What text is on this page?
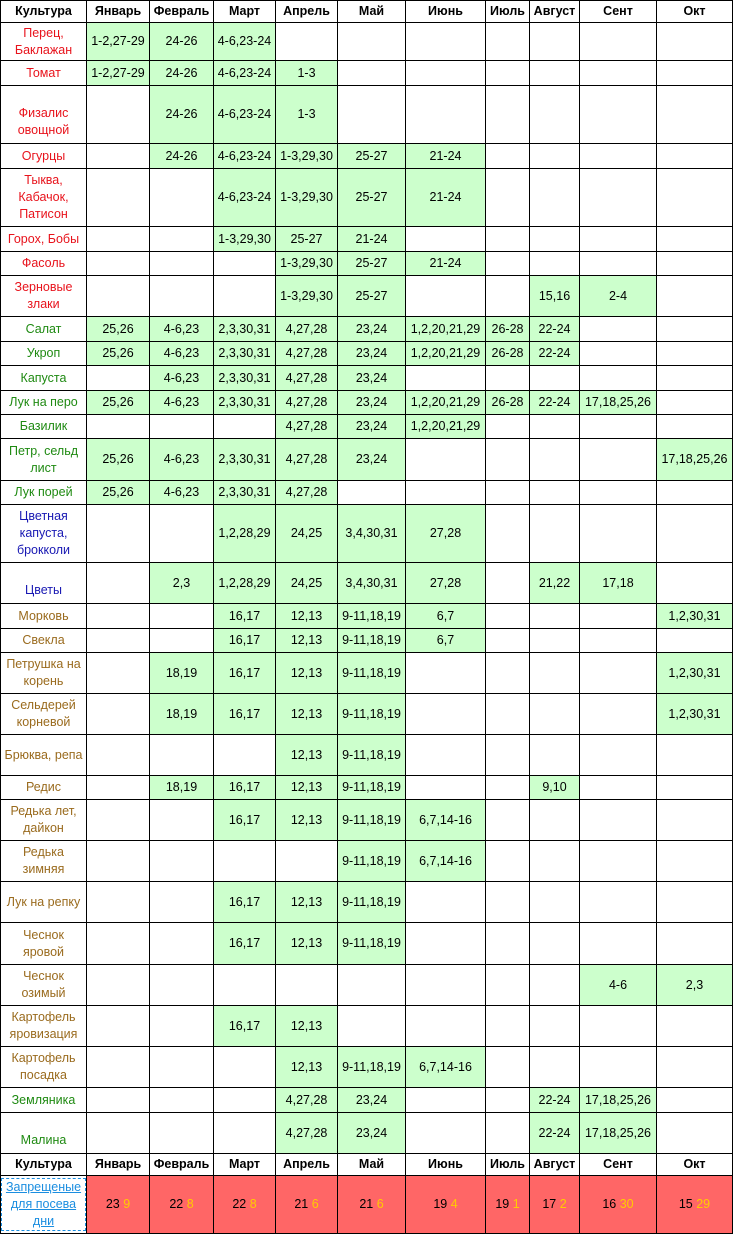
Культура	Январь	Февраль	Март	Апрель	Май	Июнь	Июль	Август	Сент	Окт
Перец, Баклажан	1-2,27-29	24-26	4-6,23-24							
Томат	1-2,27-29	24-26	4-6,23-24	1-3						
Физалис овощной		24-26	4-6,23-24	1-3						
Огурцы		24-26	4-6,23-24	1-3,29,30	25-27	21-24				
Тыква, Кабачок, Патисон			4-6,23-24	1-3,29,30	25-27	21-24				
Горох, Бобы			1-3,29,30	25-27	21-24					
Фасоль				1-3,29,30	25-27	21-24				
Зерновые злаки				1-3,29,30	25-27			15,16	2-4	
Салат	25,26	4-6,23	2,3,30,31	4,27,28	23,24	1,2,20,21,29	26-28	22-24		
Укроп	25,26	4-6,23	2,3,30,31	4,27,28	23,24	1,2,20,21,29	26-28	22-24		
Капуста		4-6,23	2,3,30,31	4,27,28	23,24					
Лук на перо	25,26	4-6,23	2,3,30,31	4,27,28	23,24	1,2,20,21,29	26-28	22-24	17,18,25,26	
Базилик				4,27,28	23,24	1,2,20,21,29				
Петр, сельд лист	25,26	4-6,23	2,3,30,31	4,27,28	23,24					17,18,25,26
Лук порей	25,26	4-6,23	2,3,30,31	4,27,28						
Цветная капуста, брокколи			1,2,28,29	24,25	3,4,30,31	27,28				
Цветы		2,3	1,2,28,29	24,25	3,4,30,31	27,28		21,22	17,18	
Морковь			16,17	12,13	9-11,18,19	6,7				1,2,30,31
Свекла			16,17	12,13	9-11,18,19	6,7				
Петрушка на корень		18,19	16,17	12,13	9-11,18,19					1,2,30,31
Сельдерей корневой		18,19	16,17	12,13	9-11,18,19					1,2,30,31
Брюква, репа				12,13	9-11,18,19					
Редис		18,19	16,17	12,13	9-11,18,19			9,10		
Редька лет, дайкон			16,17	12,13	9-11,18,19	6,7,14-16				
Редька зимняя					9-11,18,19	6,7,14-16				
Лук на репку			16,17	12,13	9-11,18,19					
Чеснок яровой			16,17	12,13	9-11,18,19					
Чеснок озимый									4-6	2,3
Картофель яровизация			16,17	12,13						
Картофель посадка				12,13	9-11,18,19	6,7,14-16				
Земляника				4,27,28	23,24			22-24	17,18,25,26	
Малина				4,27,28	23,24			22-24	17,18,25,26	
Культура	Январь	Февраль	Март	Апрель	Май	Июнь	Июль	Август	Сент	Окт
Запрещеные для посева дни	23 9	22 8	22 8	21 6	21 6	19 4	19 1	17 2	16 30	15 29
